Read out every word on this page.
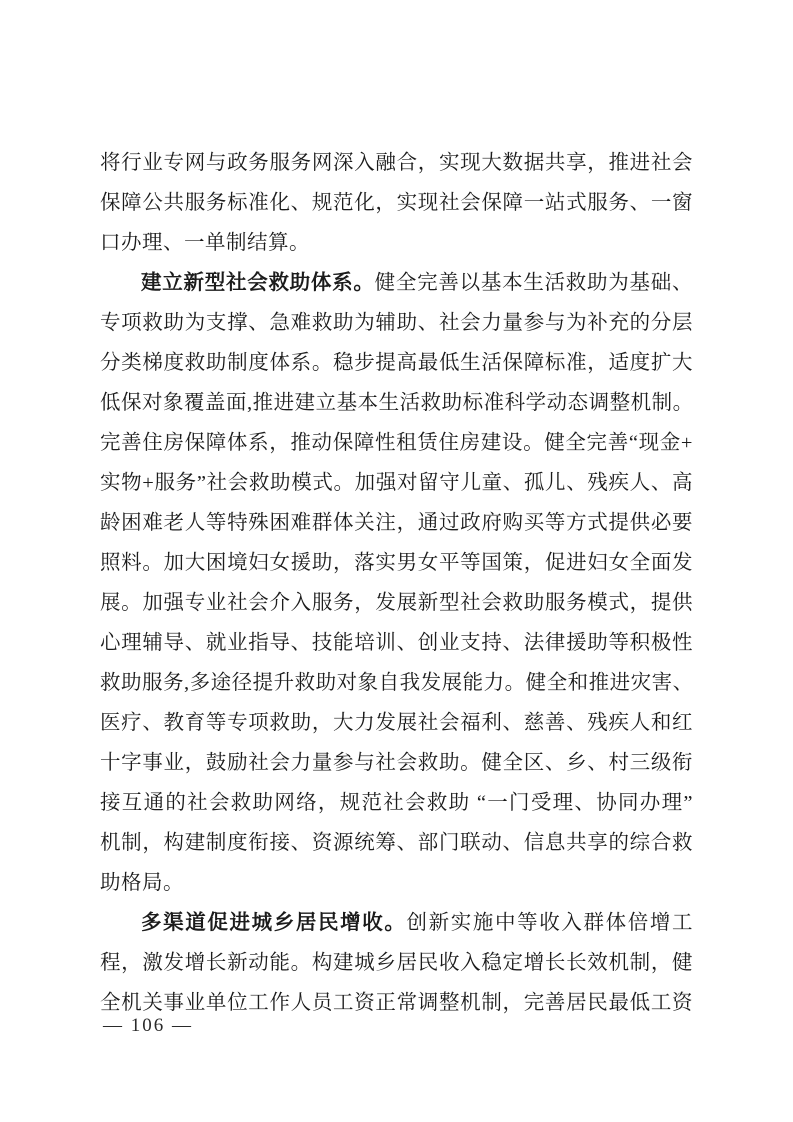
将行业专网与政务服务网深入融合，实现大数据共享，推进社会
保障公共服务标准化、规范化，实现社会保障一站式服务、一窗
口办理、一单制结算。
建立新型社会救助体系。健全完善以基本生活救助为基础、
专项救助为支撑、急难救助为辅助、社会力量参与为补充的分层
分类梯度救助制度体系。稳步提高最低生活保障标准，适度扩大
低保对象覆盖面,推进建立基本生活救助标准科学动态调整机制。
完善住房保障体系，推动保障性租赁住房建设。健全完善“现金+
实物+服务”社会救助模式。加强对留守儿童、孤儿、残疾人、高
龄困难老人等特殊困难群体关注，通过政府购买等方式提供必要
照料。加大困境妇女援助，落实男女平等国策，促进妇女全面发
展。加强专业社会介入服务，发展新型社会救助服务模式，提供
心理辅导、就业指导、技能培训、创业支持、法律援助等积极性
救助服务,多途径提升救助对象自我发展能力。健全和推进灾害、
医疗、教育等专项救助，大力发展社会福利、慈善、残疾人和红
十字事业，鼓励社会力量参与社会救助。健全区、乡、村三级衔
接互通的社会救助网络，规范社会救助 “一门受理、协同办理”
机制，构建制度衔接、资源统筹、部门联动、信息共享的综合救
助格局。
多渠道促进城乡居民增收。创新实施中等收入群体倍增工
程，激发增长新动能。构建城乡居民收入稳定增长长效机制，健
全机关事业单位工作人员工资正常调整机制，完善居民最低工资
— 106 —
